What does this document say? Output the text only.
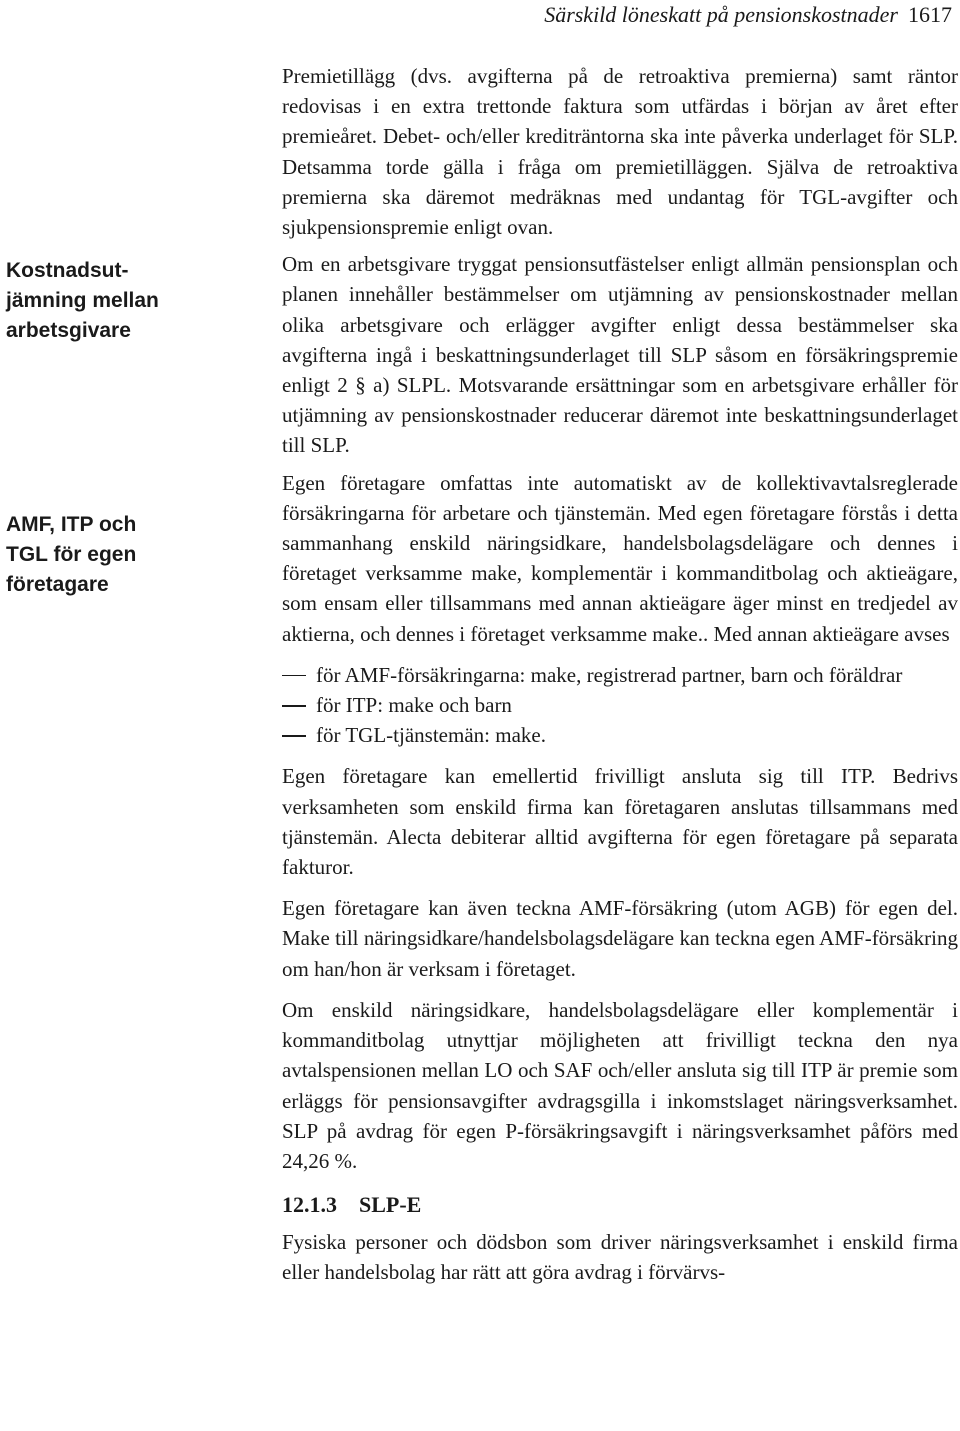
Särskild löneskatt på pensionskostnader 1617
Kostnadsut-
jämning mellan
arbetsgivare
AMF, ITP och
TGL för egen
företagare

Premietillägg (dvs. avgifterna på de retroaktiva premierna) samt räntor redovisas i en extra trettonde faktura som utfärdas i början av året efter premieåret. Debet- och/eller krediträntorna ska inte påverka underlaget för SLP. Detsamma torde gälla i fråga om premietilläggen. Själva de retroaktiva premierna ska däremot medräknas med undantag för TGL-avgifter och sjukpensionspremie enligt ovan.

Om en arbetsgivare tryggat pensionsutfästelser enligt allmän pensionsplan och planen innehåller bestämmelser om utjämning av pensionskostnader mellan olika arbetsgivare och erlägger avgifter enligt dessa bestämmelser ska avgifterna ingå i beskattningsunderlaget till SLP såsom en försäkringspremie enligt 2 § a) SLPL. Motsvarande ersättningar som en arbetsgivare erhåller för utjämning av pensionskostnader reducerar däremot inte beskattningsunderlaget till SLP.

Egen företagare omfattas inte automatiskt av de kollektivavtalsreglerade försäkringarna för arbetare och tjänstemän. Med egen företagare förstås i detta sammanhang enskild näringsidkare, handelsbolagsdelägare och dennes i företaget verksamme make, komplementär i kommanditbolag och aktieägare, som ensam eller tillsammans med annan aktieägare äger minst en tredjedel av aktierna, och dennes i företaget verksamme make.. Med annan aktieägare avses

för AMF-försäkringarna: make, registrerad partner, barn och föräldrar
för ITP: make och barn
för TGL-tjänstemän: make.

Egen företagare kan emellertid frivilligt ansluta sig till ITP. Bedrivs verksamheten som enskild firma kan företagaren anslutas tillsammans med tjänstemän. Alecta debiterar alltid avgifterna för egen företagare på separata fakturor.

Egen företagare kan även teckna AMF-försäkring (utom AGB) för egen del. Make till näringsidkare/handelsbolagsdelägare kan teckna egen AMF-försäkring om han/hon är verksam i företaget.

Om enskild näringsidkare, handelsbolagsdelägare eller komplementär i kommanditbolag utnyttjar möjligheten att frivilligt teckna den nya avtalspensionen mellan LO och SAF och/eller ansluta sig till ITP är premie som erläggs för pensionsavgifter avdragsgilla i inkomstslaget näringsverksamhet. SLP på avdrag för egen P-försäkringsavgift i näringsverksamhet påförs med 24,26 %.

12.1.3 SLP-E

Fysiska personer och dödsbon som driver näringsverksamhet i enskild firma eller handelsbolag har rätt att göra avdrag i förvärvs-
